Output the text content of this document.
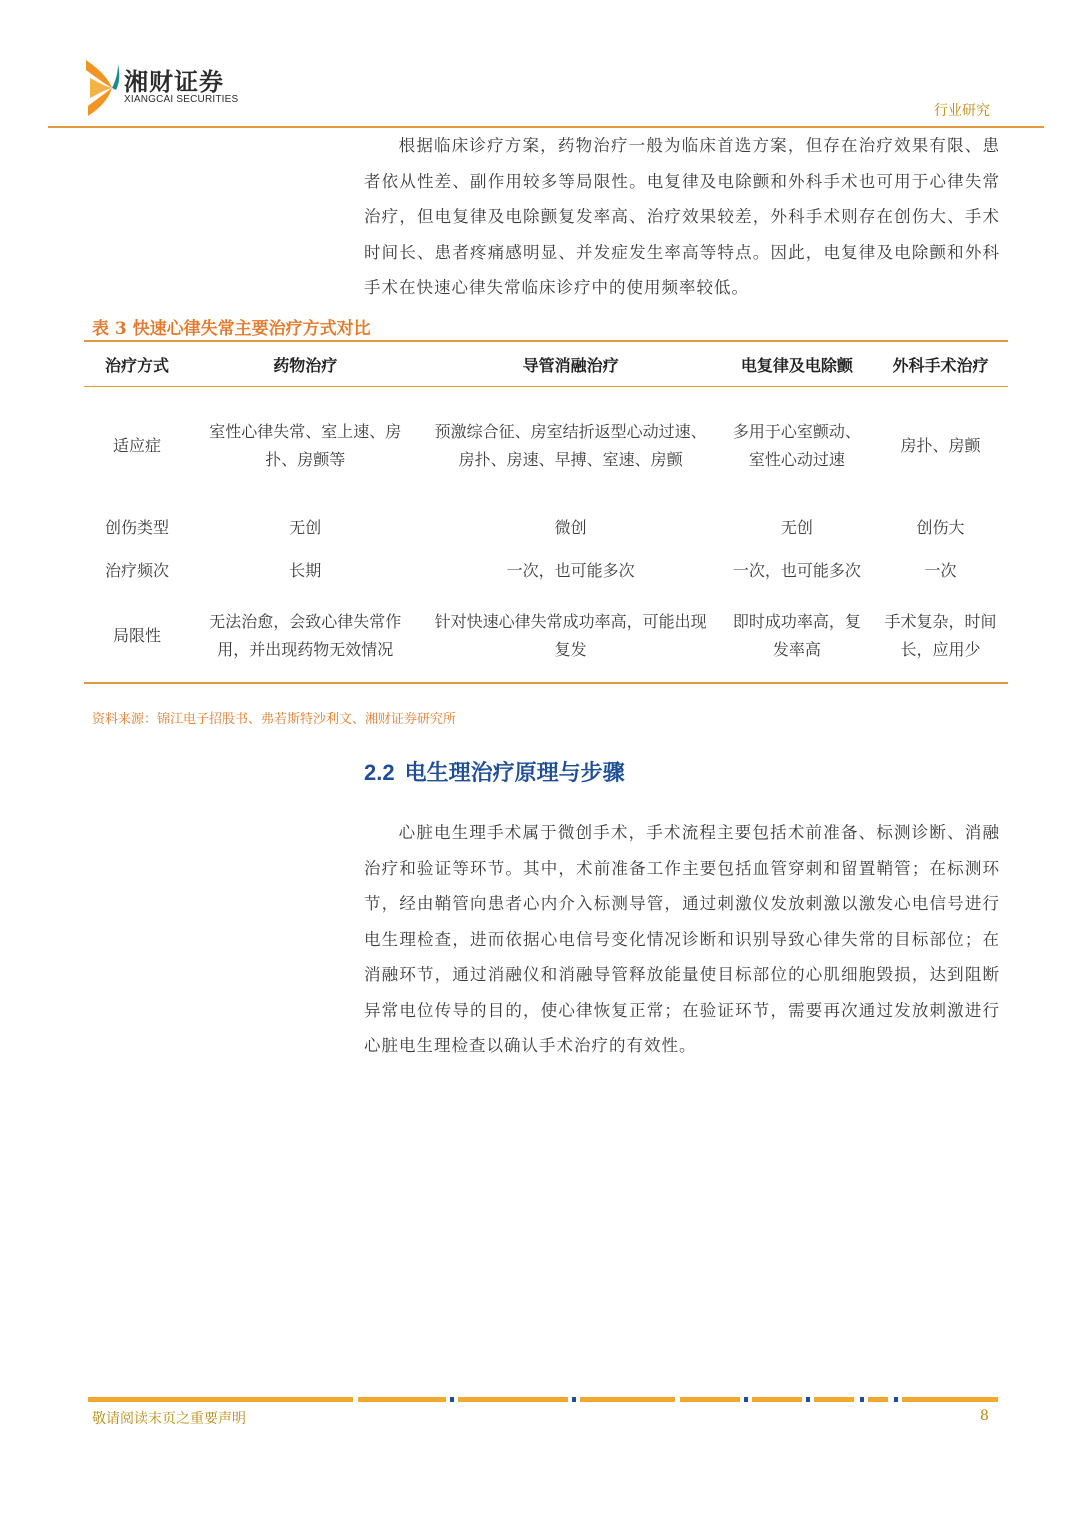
湘财证券
XIANGCAI SECURITIES
行业研究

根据临床诊疗方案，药物治疗一般为临床首选方案，但存在治疗效果有限、患者依从性差、副作用较多等局限性。电复律及电除颤和外科手术也可用于心律失常治疗，但电复律及电除颤复发率高、治疗效果较差，外科手术则存在创伤大、手术时间长、患者疼痛感明显、并发症发生率高等特点。因此，电复律及电除颤和外科手术在快速心律失常临床诊疗中的使用频率较低。

表 3 快速心律失常主要治疗方式对比
治疗方式	药物治疗	导管消融治疗	电复律及电除颤	外科手术治疗
适应症	室性心律失常、室上速、房扑、房颤等	预激综合征、房室结折返型心动过速、房扑、房速、早搏、室速、房颤	多用于心室颤动、室性心动过速	房扑、房颤
创伤类型	无创	微创	无创	创伤大
治疗频次	长期	一次，也可能多次	一次，也可能多次	一次
局限性	无法治愈，会致心律失常作用，并出现药物无效情况	针对快速心律失常成功率高，可能出现复发	即时成功率高，复发率高	手术复杂，时间长，应用少
资料来源：锦江电子招股书、弗若斯特沙利文、湘财证券研究所
2.2 电生理治疗原理与步骤

心脏电生理手术属于微创手术，手术流程主要包括术前准备、标测诊断、消融治疗和验证等环节。其中，术前准备工作主要包括血管穿刺和留置鞘管；在标测环节，经由鞘管向患者心内介入标测导管，通过刺激仪发放刺激以激发心电信号进行电生理检查，进而依据心电信号变化情况诊断和识别导致心律失常的目标部位；在消融环节，通过消融仪和消融导管释放能量使目标部位的心肌细胞毁损，达到阻断异常电位传导的目的，使心律恢复正常；在验证环节，需要再次通过发放刺激进行心脏电生理检查以确认手术治疗的有效性。

敬请阅读末页之重要声明	8
